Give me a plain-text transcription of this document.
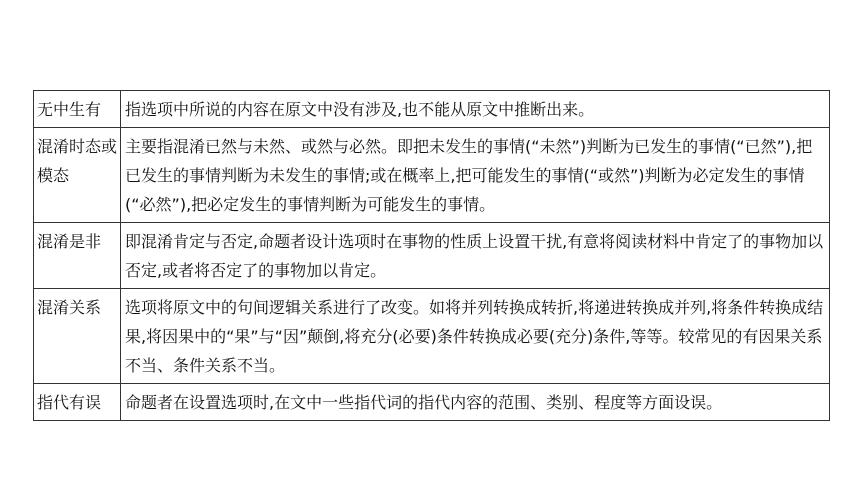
无中生有	指选项中所说的内容在原文中没有涉及,也不能从原文中推断出来。
混淆时态或模态	主要指混淆已然与未然、或然与必然。即把未发生的事情(“未然”)判断为已发生的事情(“已然”),把已发生的事情判断为未发生的事情;或在概率上,把可能发生的事情(“或然”)判断为必定发生的事情(“必然”),把必定发生的事情判断为可能发生的事情。
混淆是非	即混淆肯定与否定,命题者设计选项时在事物的性质上设置干扰,有意将阅读材料中肯定了的事物加以否定,或者将否定了的事物加以肯定。
混淆关系	选项将原文中的句间逻辑关系进行了改变。如将并列转换成转折,将递进转换成并列,将条件转换成结果,将因果中的“果”与“因”颠倒,将充分(必要)条件转换成必要(充分)条件,等等。较常见的有因果关系不当、条件关系不当。
指代有误	命题者在设置选项时,在文中一些指代词的指代内容的范围、类别、程度等方面设误。
